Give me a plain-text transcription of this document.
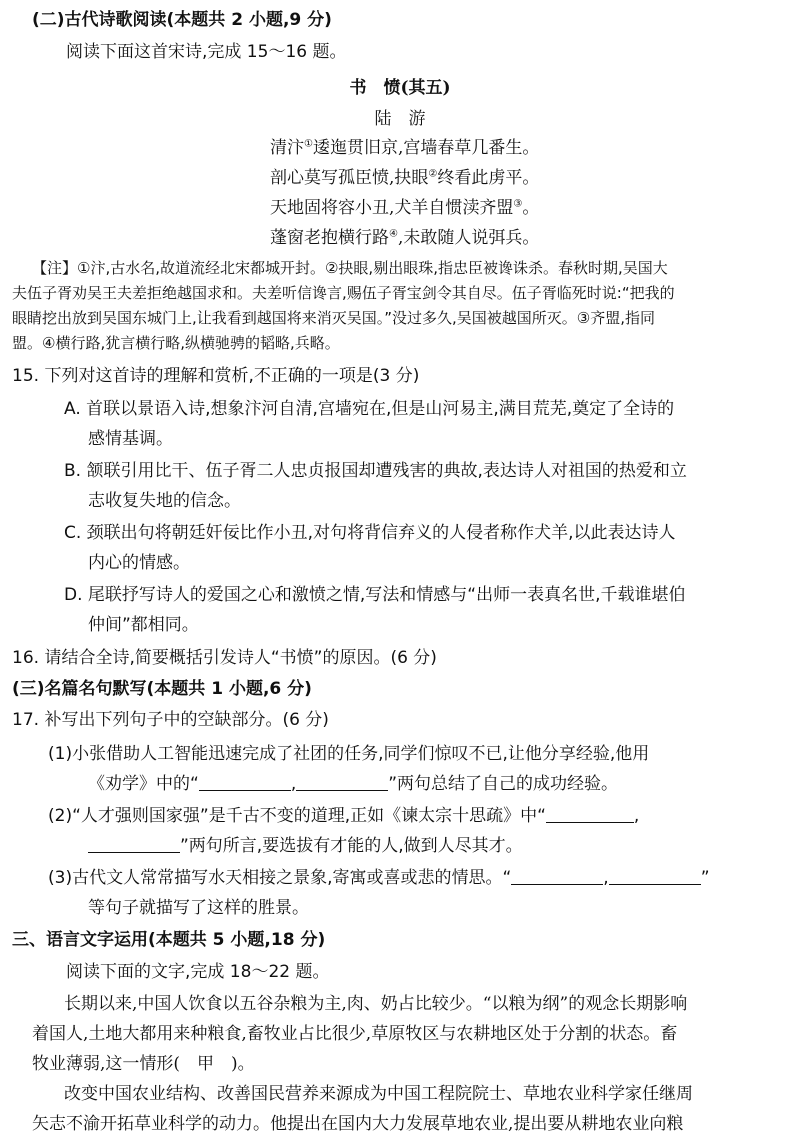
(二)古代诗歌阅读(本题共 2 小题,9 分)
阅读下面这首宋诗,完成 15～16 题。
书　愤(其五)
陆　游
清汴①逶迤贯旧京,宫墙春草几番生。
剖心莫写孤臣愤,抉眼②终看此虏平。
天地固将容小丑,犬羊自惯渎齐盟③。
蓬窗老抱横行路④,未敢随人说弭兵。
【注】①汴,古水名,故道流经北宋都城开封。②抉眼,剔出眼珠,指忠臣被谗诛杀。春秋时期,吴国大
夫伍子胥劝吴王夫差拒绝越国求和。夫差听信谗言,赐伍子胥宝剑令其自尽。伍子胥临死时说:“把我的
眼睛挖出放到吴国东城门上,让我看到越国将来消灭吴国。”没过多久,吴国被越国所灭。③齐盟,指同
盟。④横行路,犹言横行略,纵横驰骋的韬略,兵略。
15. 下列对这首诗的理解和赏析,不正确的一项是(3 分)
A. 首联以景语入诗,想象汴河自清,宫墙宛在,但是山河易主,满目荒芜,奠定了全诗的
感情基调。
B. 颔联引用比干、伍子胥二人忠贞报国却遭残害的典故,表达诗人对祖国的热爱和立
志收复失地的信念。
C. 颈联出句将朝廷奸佞比作小丑,对句将背信弃义的人侵者称作犬羊,以此表达诗人
内心的情感。
D. 尾联抒写诗人的爱国之心和激愤之情,写法和情感与“出师一表真名世,千载谁堪伯
仲间”都相同。
16. 请结合全诗,简要概括引发诗人“书愤”的原因。(6 分)
(三)名篇名句默写(本题共 1 小题,6 分)
17. 补写出下列句子中的空缺部分。(6 分)
(1)小张借助人工智能迅速完成了社团的任务,同学们惊叹不已,让他分享经验,他用
《劝学》中的“	,	”两句总结了自己的成功经验。
(2)“人才强则国家强”是千古不变的道理,正如《谏太宗十思疏》中“	,
”两句所言,要选拔有才能的人,做到人尽其才。
(3)古代文人常常描写水天相接之景象,寄寓或喜或悲的情思。“	,	”
等句子就描写了这样的胜景。
三、语言文字运用(本题共 5 小题,18 分)
阅读下面的文字,完成 18～22 题。
长期以来,中国人饮食以五谷杂粮为主,肉、奶占比较少。“以粮为纲”的观念长期影响
着国人,土地大都用来种粮食,畜牧业占比很少,草原牧区与农耕地区处于分割的状态。畜
牧业薄弱,这一情形(　甲　)。
改变中国农业结构、改善国民营养来源成为中国工程院院士、草地农业科学家任继周
矢志不渝开拓草业科学的动力。他提出在国内大力发展草地农业,提出要从耕地农业向粮
